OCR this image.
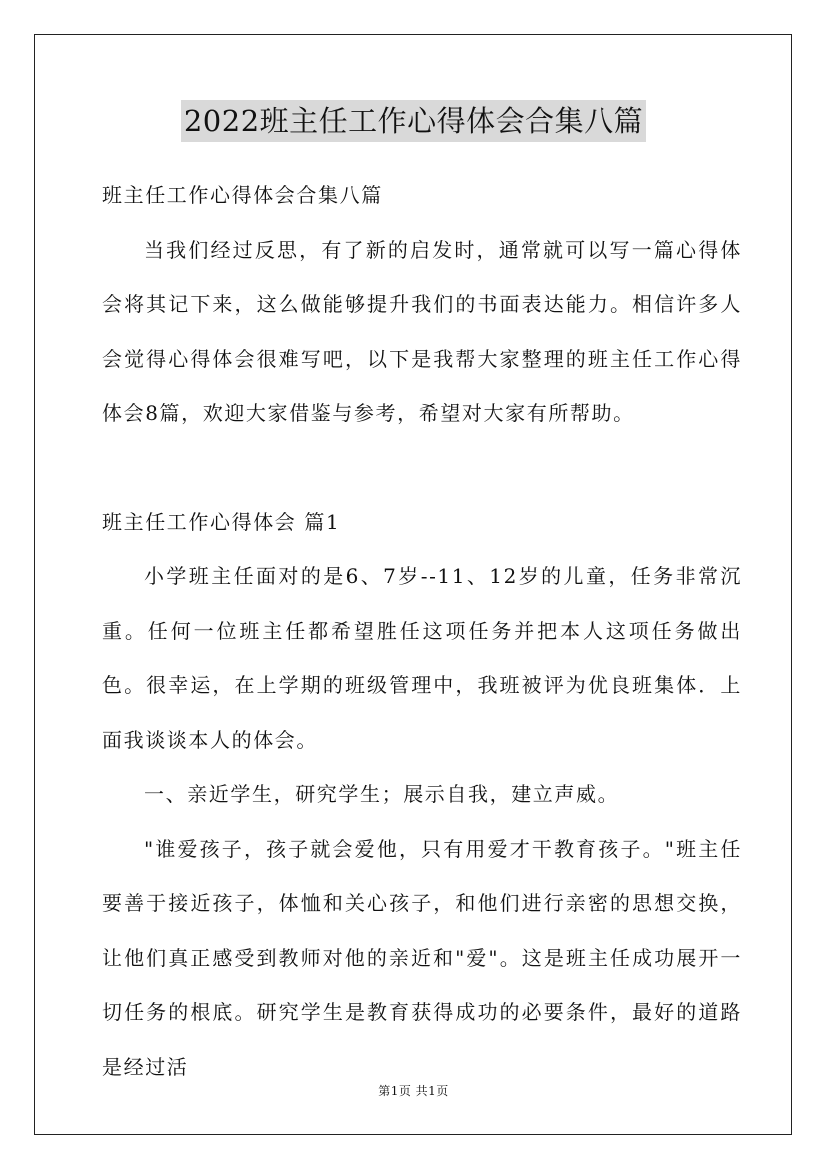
2022班主任工作心得体会合集八篇

班主任工作心得体会合集八篇

当我们经过反思，有了新的启发时，通常就可以写一篇心得体会将其记下来，这么做能够提升我们的书面表达能力。相信许多人会觉得心得体会很难写吧，以下是我帮大家整理的班主任工作心得体会8篇，欢迎大家借鉴与参考，希望对大家有所帮助。

班主任工作心得体会 篇1

小学班主任面对的是6、7岁--11、12岁的儿童，任务非常沉重。任何一位班主任都希望胜任这项任务并把本人这项任务做出色。很幸运，在上学期的班级管理中，我班被评为优良班集体．上面我谈谈本人的体会。

一、亲近学生，研究学生；展示自我，建立声威。

"谁爱孩子，孩子就会爱他，只有用爱才干教育孩子。"班主任要善于接近孩子，体恤和关心孩子，和他们进行亲密的思想交换，让他们真正感受到教师对他的亲近和"爱"。这是班主任成功展开一切任务的根底。研究学生是教育获得成功的必要条件，最好的道路是经过活

第1页 共1页
